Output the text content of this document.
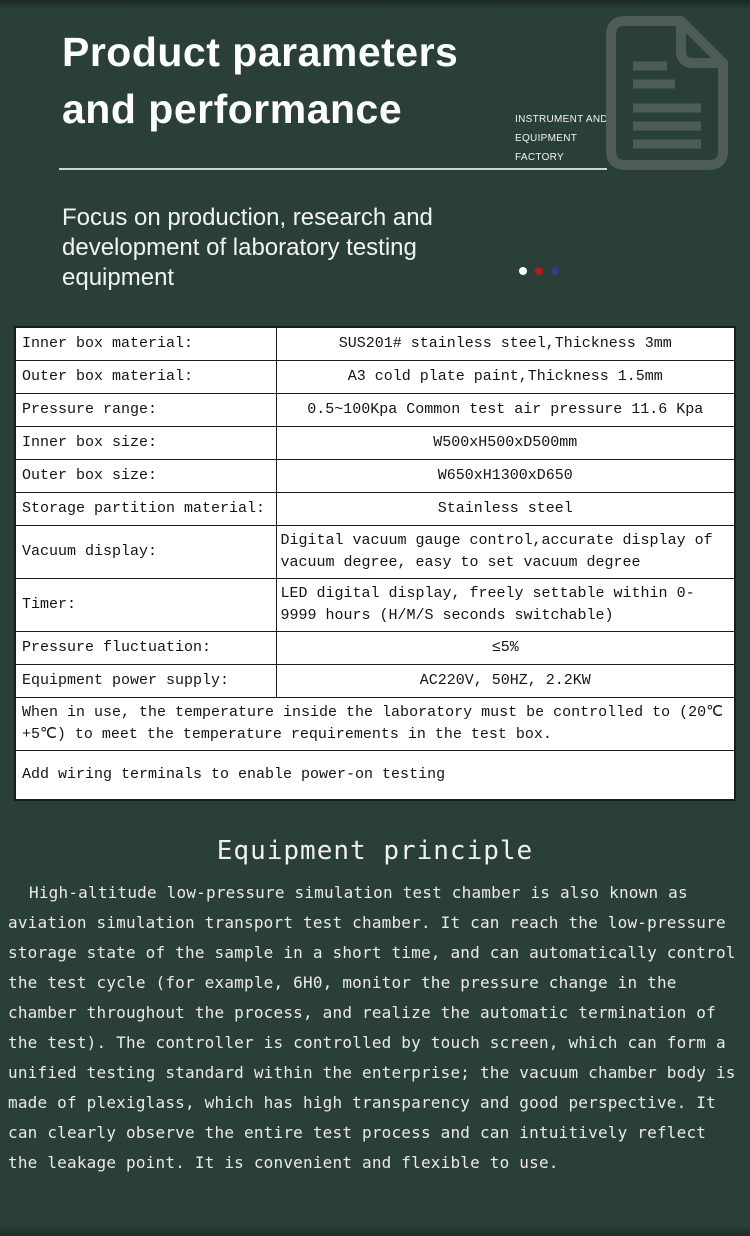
Product parameters
and performance	INSTRUMENT AND
EQUIPMENT
FACTORY
Focus on production, research and development of laboratory testing equipment
Inner box material:	SUS201# stainless steel,Thickness 3mm
Outer box material:	A3 cold plate paint,Thickness 1.5mm
Pressure range:	0.5~100Kpa Common test air pressure 11.6 Kpa
Inner box size:	W500xH500xD500mm
Outer box size:	W650xH1300xD650
Storage partition material:	Stainless steel
Vacuum display:	Digital vacuum gauge control,accurate display of vacuum degree, easy to set vacuum degree
Timer:	LED digital display, freely settable within 0-9999 hours (H/M/S seconds switchable)
Pressure fluctuation:	≤5%
Equipment power supply:	AC220V, 50HZ, 2.2KW
When in use, the temperature inside the laboratory must be controlled to (20℃ +5℃) to meet the temperature requirements in the test box.	
Add wiring terminals to enable power-on testing	
Equipment principle
High-altitude low-pressure simulation test chamber is also known as aviation simulation transport test chamber. It can reach the low-pressure storage state of the sample in a short time, and can automatically control the test cycle (for example, 6H0, monitor the pressure change in the chamber throughout the process, and realize the automatic termination of the test). The controller is controlled by touch screen, which can form a unified testing standard within the enterprise; the vacuum chamber body is made of plexiglass, which has high transparency and good perspective. It can clearly observe the entire test process and can intuitively reflect the leakage point. It is convenient and flexible to use.
